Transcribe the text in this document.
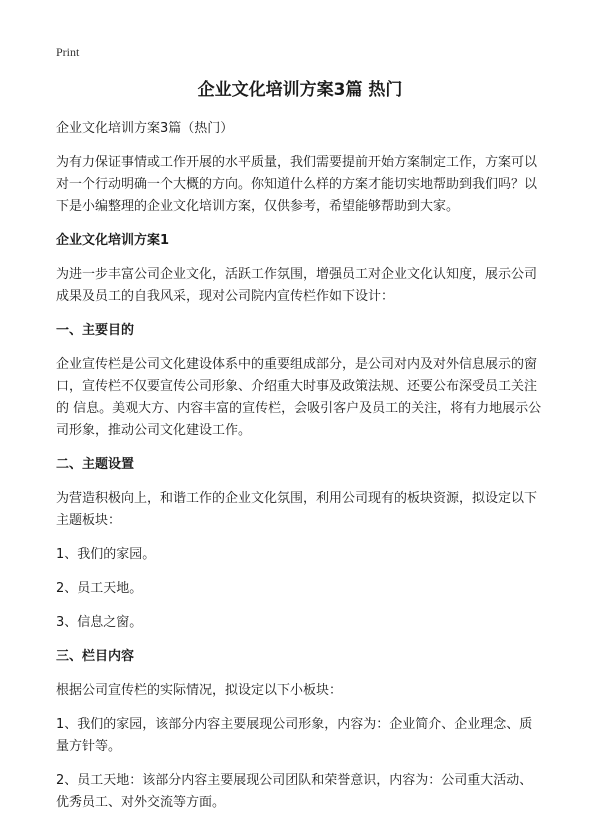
Print
企业文化培训方案3篇 热门
企业文化培训方案3篇（热门）
为有力保证事情或工作开展的水平质量，我们需要提前开始方案制定工作，方案可以对一个行动明确一个大概的方向。你知道什么样的方案才能切实地帮助到我们吗？以下是小编整理的企业文化培训方案，仅供参考，希望能够帮助到大家。
企业文化培训方案1
为进一步丰富公司企业文化，活跃工作氛围，增强员工对企业文化认知度，展示公司成果及员工的自我风采，现对公司院内宣传栏作如下设计：
一、主要目的
企业宣传栏是公司文化建设体系中的重要组成部分，是公司对内及对外信息展示的窗口，宣传栏不仅要宣传公司形象、介绍重大时事及政策法规、还要公布深受员工关注的 信息。美观大方、内容丰富的宣传栏，会吸引客户及员工的关注，将有力地展示公司形象，推动公司文化建设工作。
二、主题设置
为营造积极向上，和谐工作的企业文化氛围，利用公司现有的板块资源，拟设定以下主题板块：
1、我们的家园。
2、员工天地。
3、信息之窗。
三、栏目内容
根据公司宣传栏的实际情况，拟设定以下小板块：
1、我们的家园，该部分内容主要展现公司形象，内容为：企业简介、企业理念、质量方针等。
2、员工天地：该部分内容主要展现公司团队和荣誉意识，内容为：公司重大活动、优秀员工、对外交流等方面。
